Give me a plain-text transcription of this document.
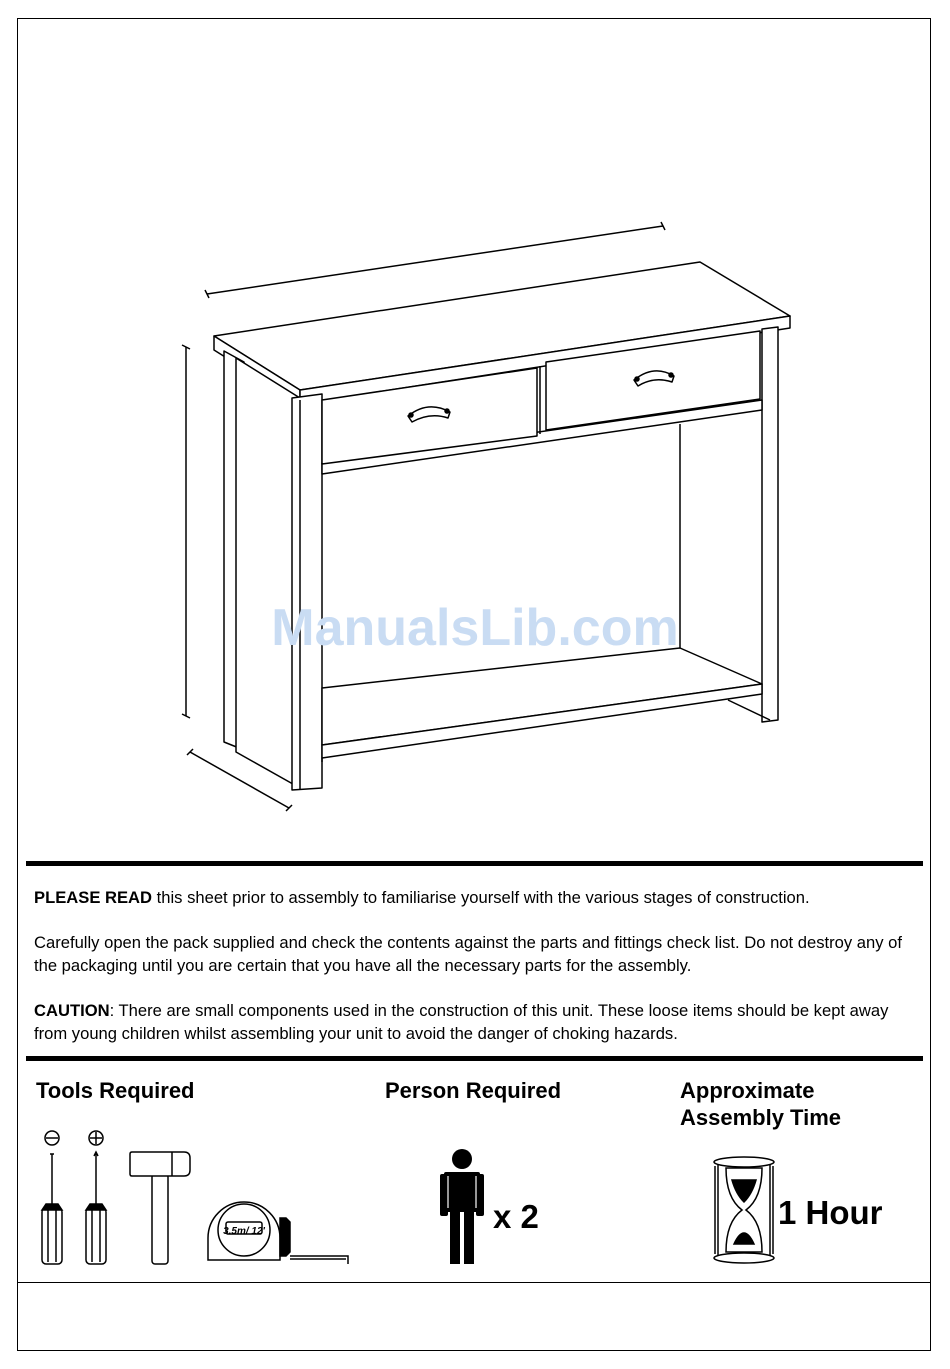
ManualsLib.com
PLEASE READ this sheet prior to assembly to familiarise yourself with the various stages of construction.
Carefully open the pack supplied and check the contents against the parts and fittings check list. Do not destroy any of the packaging until you are certain that you have all the necessary parts for the assembly.
CAUTION: There are small components used in the construction of this unit. These loose items should be kept away from young children whilst assembling your unit to avoid the danger of choking hazards.
Tools Required	Person Required	Approximate Assembly Time
3.5m/ 12'	x 2	1 Hour
